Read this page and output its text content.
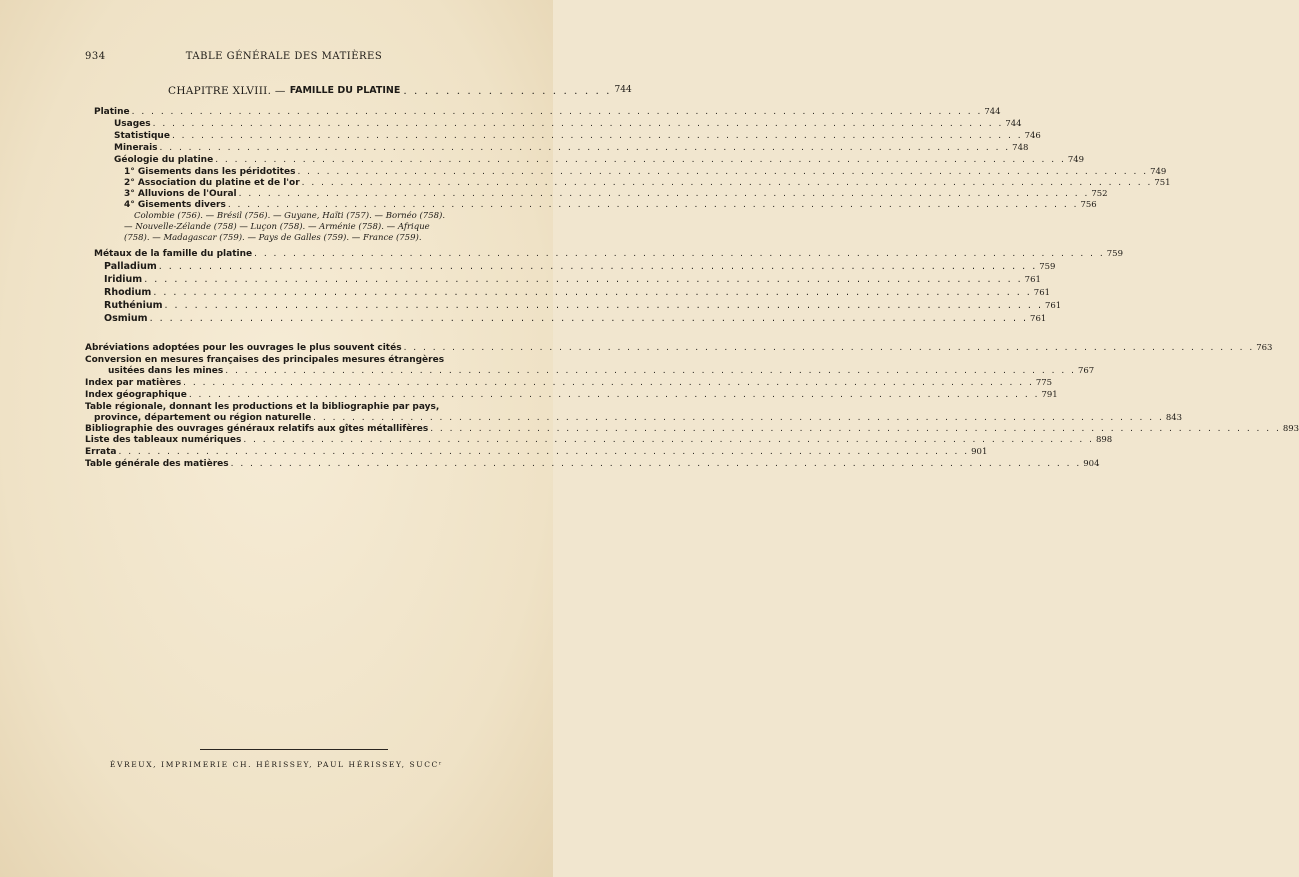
934	TABLE GÉNÉRALE DES MATIÈRES
CHAPITRE XLVIII. — FAMILLE DU PLATINE . . . . . . . . . . . . . . . . . . . . 744
Platine . . .	744
Usages . . .	744
Statistique . . .	746
Minerais . . .	748
Géologie du platine . . .	749
1° Gisements dans les péridotites . . .	749
2° Association du platine et de l'or . . .	751
3° Alluvions de l'Oural . . .	752
4° Gisements divers . . .	756
Colombie (756). — Brésil (756). — Guyane, Haïti (757). — Bornéo (758).
— Nouvelle-Zélande (758) — Luçon (758). — Arménie (758). — Afrique
(758). — Madagascar (759). — Pays de Galles (759). — France (759).
Métaux de la famille du platine . . .	759
Palladium . . .	759
Iridium . . .	761
Rhodium . . .	761
Ruthénium . . .	761
Osmium . . .	761
Abréviations adoptées pour les ouvrages le plus souvent cités . . .	763
Conversion en mesures françaises des principales mesures étrangères
usitées dans les mines . . .	767
Index par matières . . .	775
Index géographique . . .	791
Table régionale, donnant les productions et la bibliographie par pays,
province, département ou région naturelle . . .	843
Bibliographie des ouvrages généraux relatifs aux gîtes métallifères . . .	893
Liste des tableaux numériques . . .	898
Errata . . .	901
Table générale des matières . . .	904
ÉVREUX, IMPRIMERIE CH. HÉRISSEY, PAUL HÉRISSEY, SUCCʳ
